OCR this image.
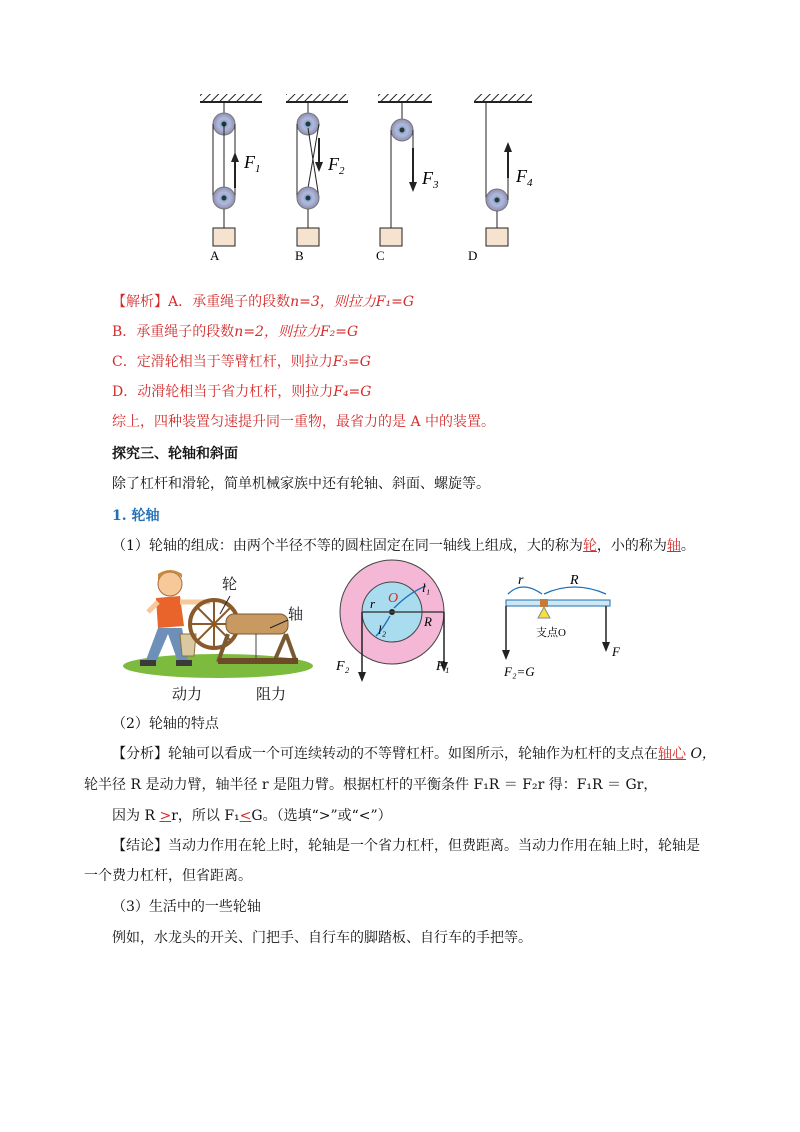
$F_1$
A
$F_2$
B
$F_3$
C
$F_4$
D
【解析】A．承重绳子的段数n=3，则拉力F₁=G
B．承重绳子的段数n=2，则拉力F₂=G
C．定滑轮相当于等臂杠杆，则拉力F₃=G
D．动滑轮相当于省力杠杆，则拉力F₄=G
综上，四种装置匀速提升同一重物，最省力的是 A 中的装置。
探究三、轮轴和斜面
除了杠杆和滑轮，简单机械家族中还有轮轴、斜面、螺旋等。
1. 轮轴
（1）轮轴的组成：由两个半径不等的圆柱固定在同一轴线上组成，大的称为轮，小的称为轴。
轮
轴
动力	阻力
O
r
R
l₁
l₂
F₂	F₁
r	R
支点O
F₂=G
F
（2）轮轴的特点
【分析】轮轴可以看成一个可连续转动的不等臂杠杆。如图所示，轮轴作为杠杆的支点在轴心 O，
轮半径 R 是动力臂，轴半径 r 是阻力臂。根据杠杆的平衡条件 F₁R ＝ F₂r 得：F₁R ＝ Gr，
因为 R >r，所以 F₁<G。（选填“>”或“<”）
【结论】当动力作用在轮上时，轮轴是一个省力杠杆，但费距离。当动力作用在轴上时，轮轴是
一个费力杠杆，但省距离。
（3）生活中的一些轮轴
例如，水龙头的开关、门把手、自行车的脚踏板、自行车的手把等。
